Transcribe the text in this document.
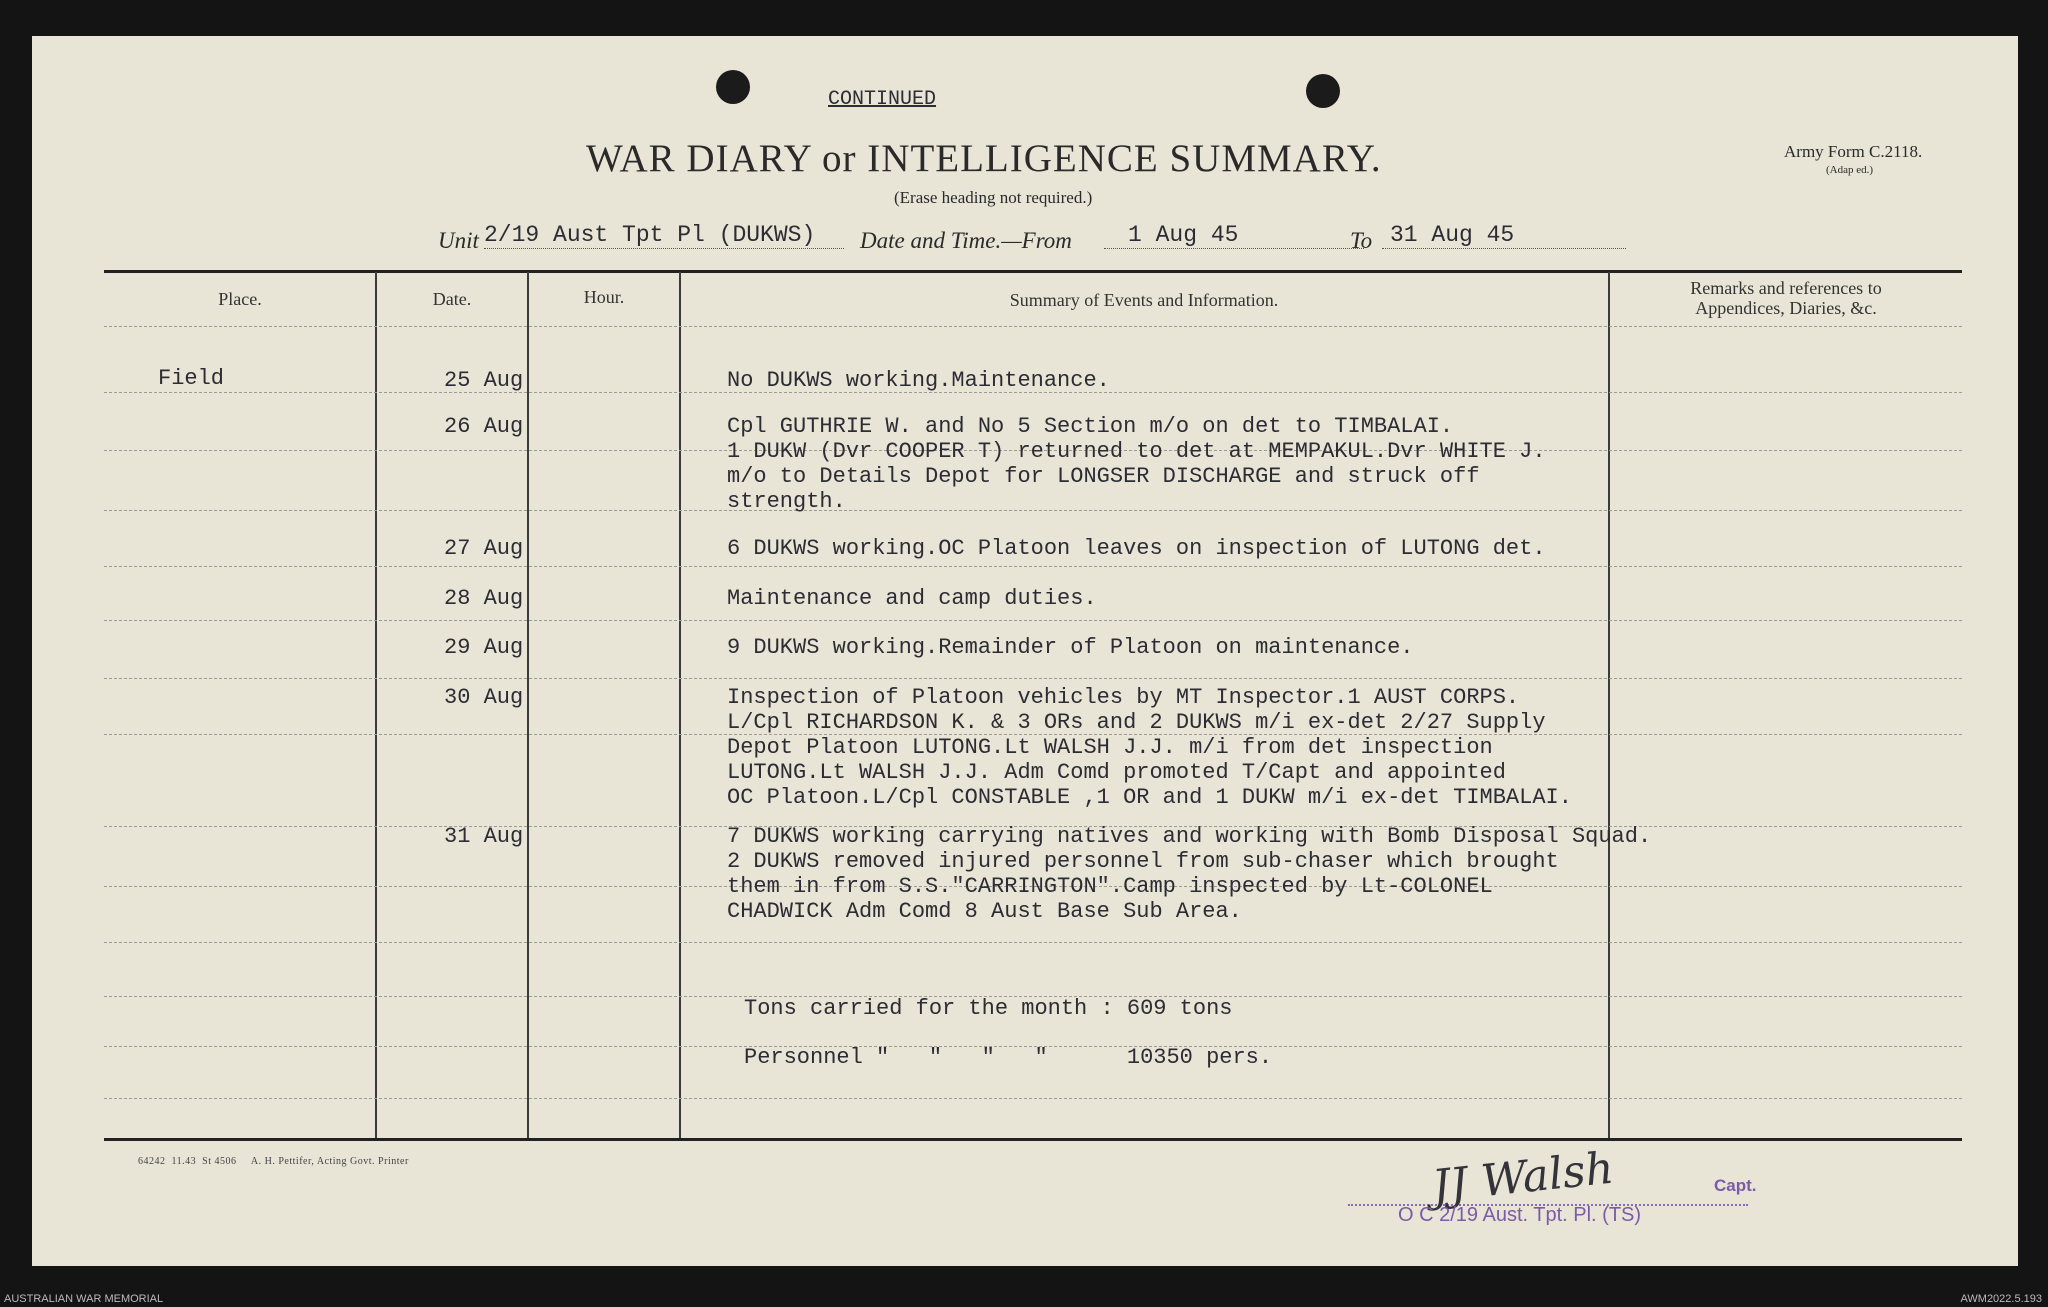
CONTINUED
WAR DIARY or INTELLIGENCE SUMMARY.
(Erase heading not required.)
Army Form C.2118.
(Adap ed.)
Unit 2/19 Aust Tpt Pl (DUKWS) Date and Time.—From 1 Aug 45	To 31 Aug 45
Place.	Date.	Hour.	Summary of Events and Information.
Remarks and references to
Appendices, Diaries, &c.
Field	25 Aug	No DUKWS working.Maintenance.
26 Aug	Cpl GUTHRIE W. and No 5 Section m/o on det to TIMBALAI.
1 DUKW (Dvr COOPER T) returned to det at MEMPAKUL.Dvr WHITE J.
m/o to Details Depot for LONGSER DISCHARGE and struck off
strength.
27 Aug	6 DUKWS working.OC Platoon leaves on inspection of LUTONG det.
28 Aug	Maintenance and camp duties.
29 Aug	9 DUKWS working.Remainder of Platoon on maintenance.
30 Aug	Inspection of Platoon vehicles by MT Inspector.1 AUST CORPS.
L/Cpl RICHARDSON K. & 3 ORs and 2 DUKWS m/i ex-det 2/27 Supply
Depot Platoon LUTONG.Lt WALSH J.J. m/i from det inspection
LUTONG.Lt WALSH J.J. Adm Comd promoted T/Capt and appointed
OC Platoon.L/Cpl CONSTABLE ,1 OR and 1 DUKW m/i ex-det TIMBALAI.
31 Aug	7 DUKWS working carrying natives and working with Bomb Disposal Squad.
2 DUKWS removed injured personnel from sub-chaser which brought
them in from S.S."CARRINGTON".Camp inspected by Lt-COLONEL
CHADWICK Adm Comd 8 Aust Base Sub Area.
Tons carried for the month : 609 tons
Personnel "   "   "   "      10350 pers.
64242  11.43  St 4506     A. H. Pettifer, Acting Govt. Printer	JJ Walsh	Capt.
O C 2/19 Aust. Tpt. Pl. (TS)
AUSTRALIAN WAR MEMORIAL	AWM2022.5.193
